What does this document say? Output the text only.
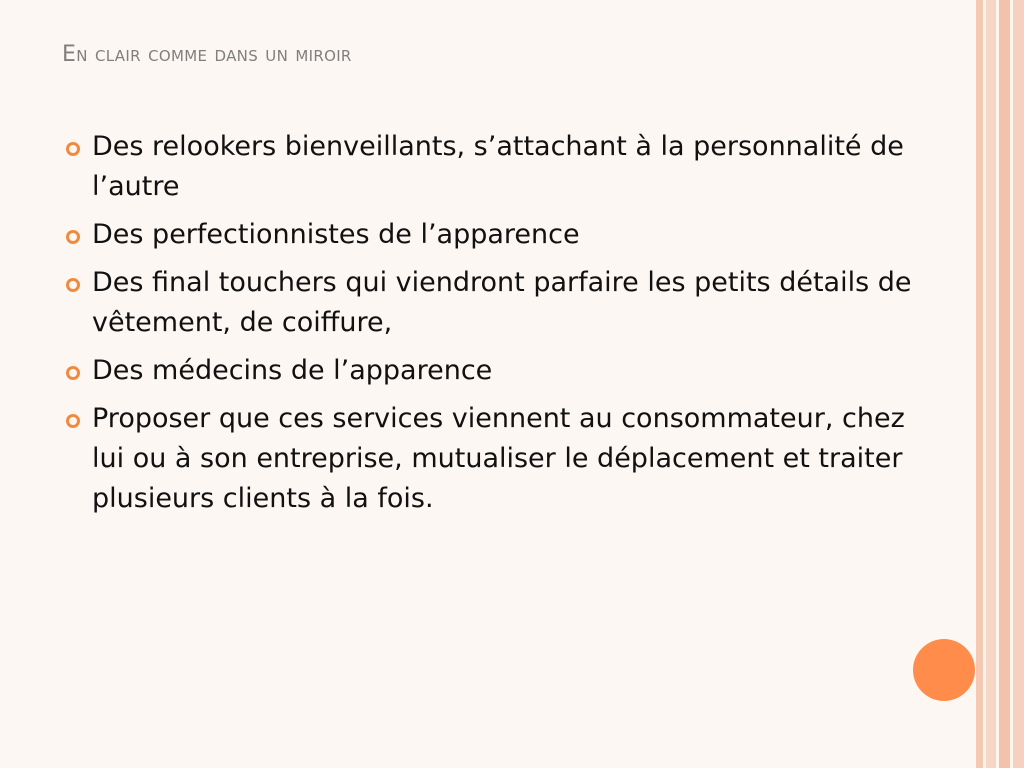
En clair comme dans un miroir
Des relookers bienveillants, s’attachant à la personnalité de l’autre
Des perfectionnistes de l’apparence
Des final touchers qui viendront parfaire les petits détails de vêtement, de coiffure,
Des médecins de l’apparence
Proposer que ces services viennent au consommateur, chez lui ou à son entreprise, mutualiser le déplacement et traiter plusieurs clients à la fois.
